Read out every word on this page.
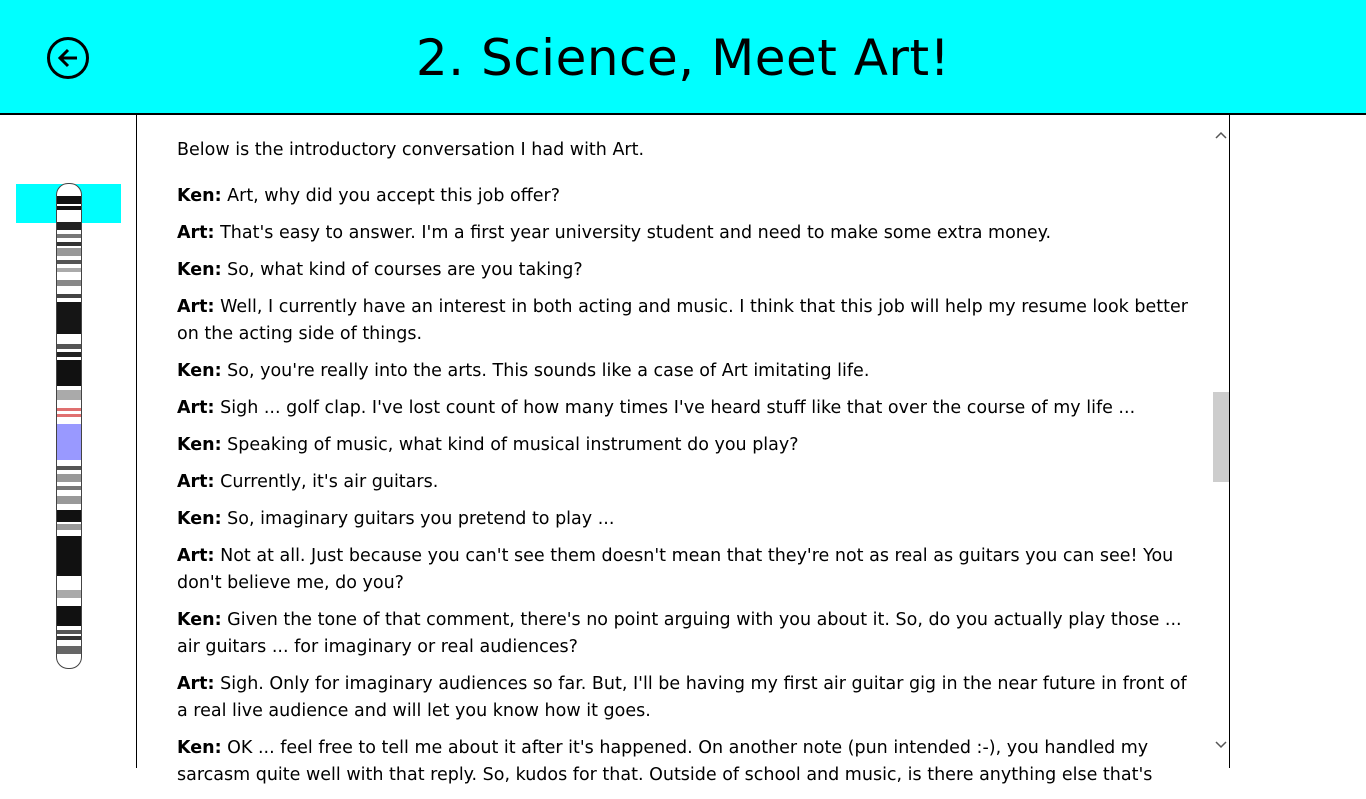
2. Science, Meet Art!

Below is the introductory conversation I had with Art.

Ken: Art, why did you accept this job offer?

Art: That's easy to answer. I'm a first year university student and need to make some extra money.

Ken: So, what kind of courses are you taking?

Art: Well, I currently have an interest in both acting and music. I think that this job will help my resume look better on the acting side of things.

Ken: So, you're really into the arts. This sounds like a case of Art imitating life.

Art: Sigh ... golf clap. I've lost count of how many times I've heard stuff like that over the course of my life ...

Ken: Speaking of music, what kind of musical instrument do you play?

Art: Currently, it's air guitars.

Ken: So, imaginary guitars you pretend to play ...

Art: Not at all. Just because you can't see them doesn't mean that they're not as real as guitars you can see! You don't believe me, do you?

Ken: Given the tone of that comment, there's no point arguing with you about it. So, do you actually play those ... air guitars ... for imaginary or real audiences?

Art: Sigh. Only for imaginary audiences so far. But, I'll be having my first air guitar gig in the near future in front of a real live audience and will let you know how it goes.

Ken: OK ... feel free to tell me about it after it's happened. On another note (pun intended :-), you handled my sarcasm quite well with that reply. So, kudos for that. Outside of school and music, is there anything else that's
